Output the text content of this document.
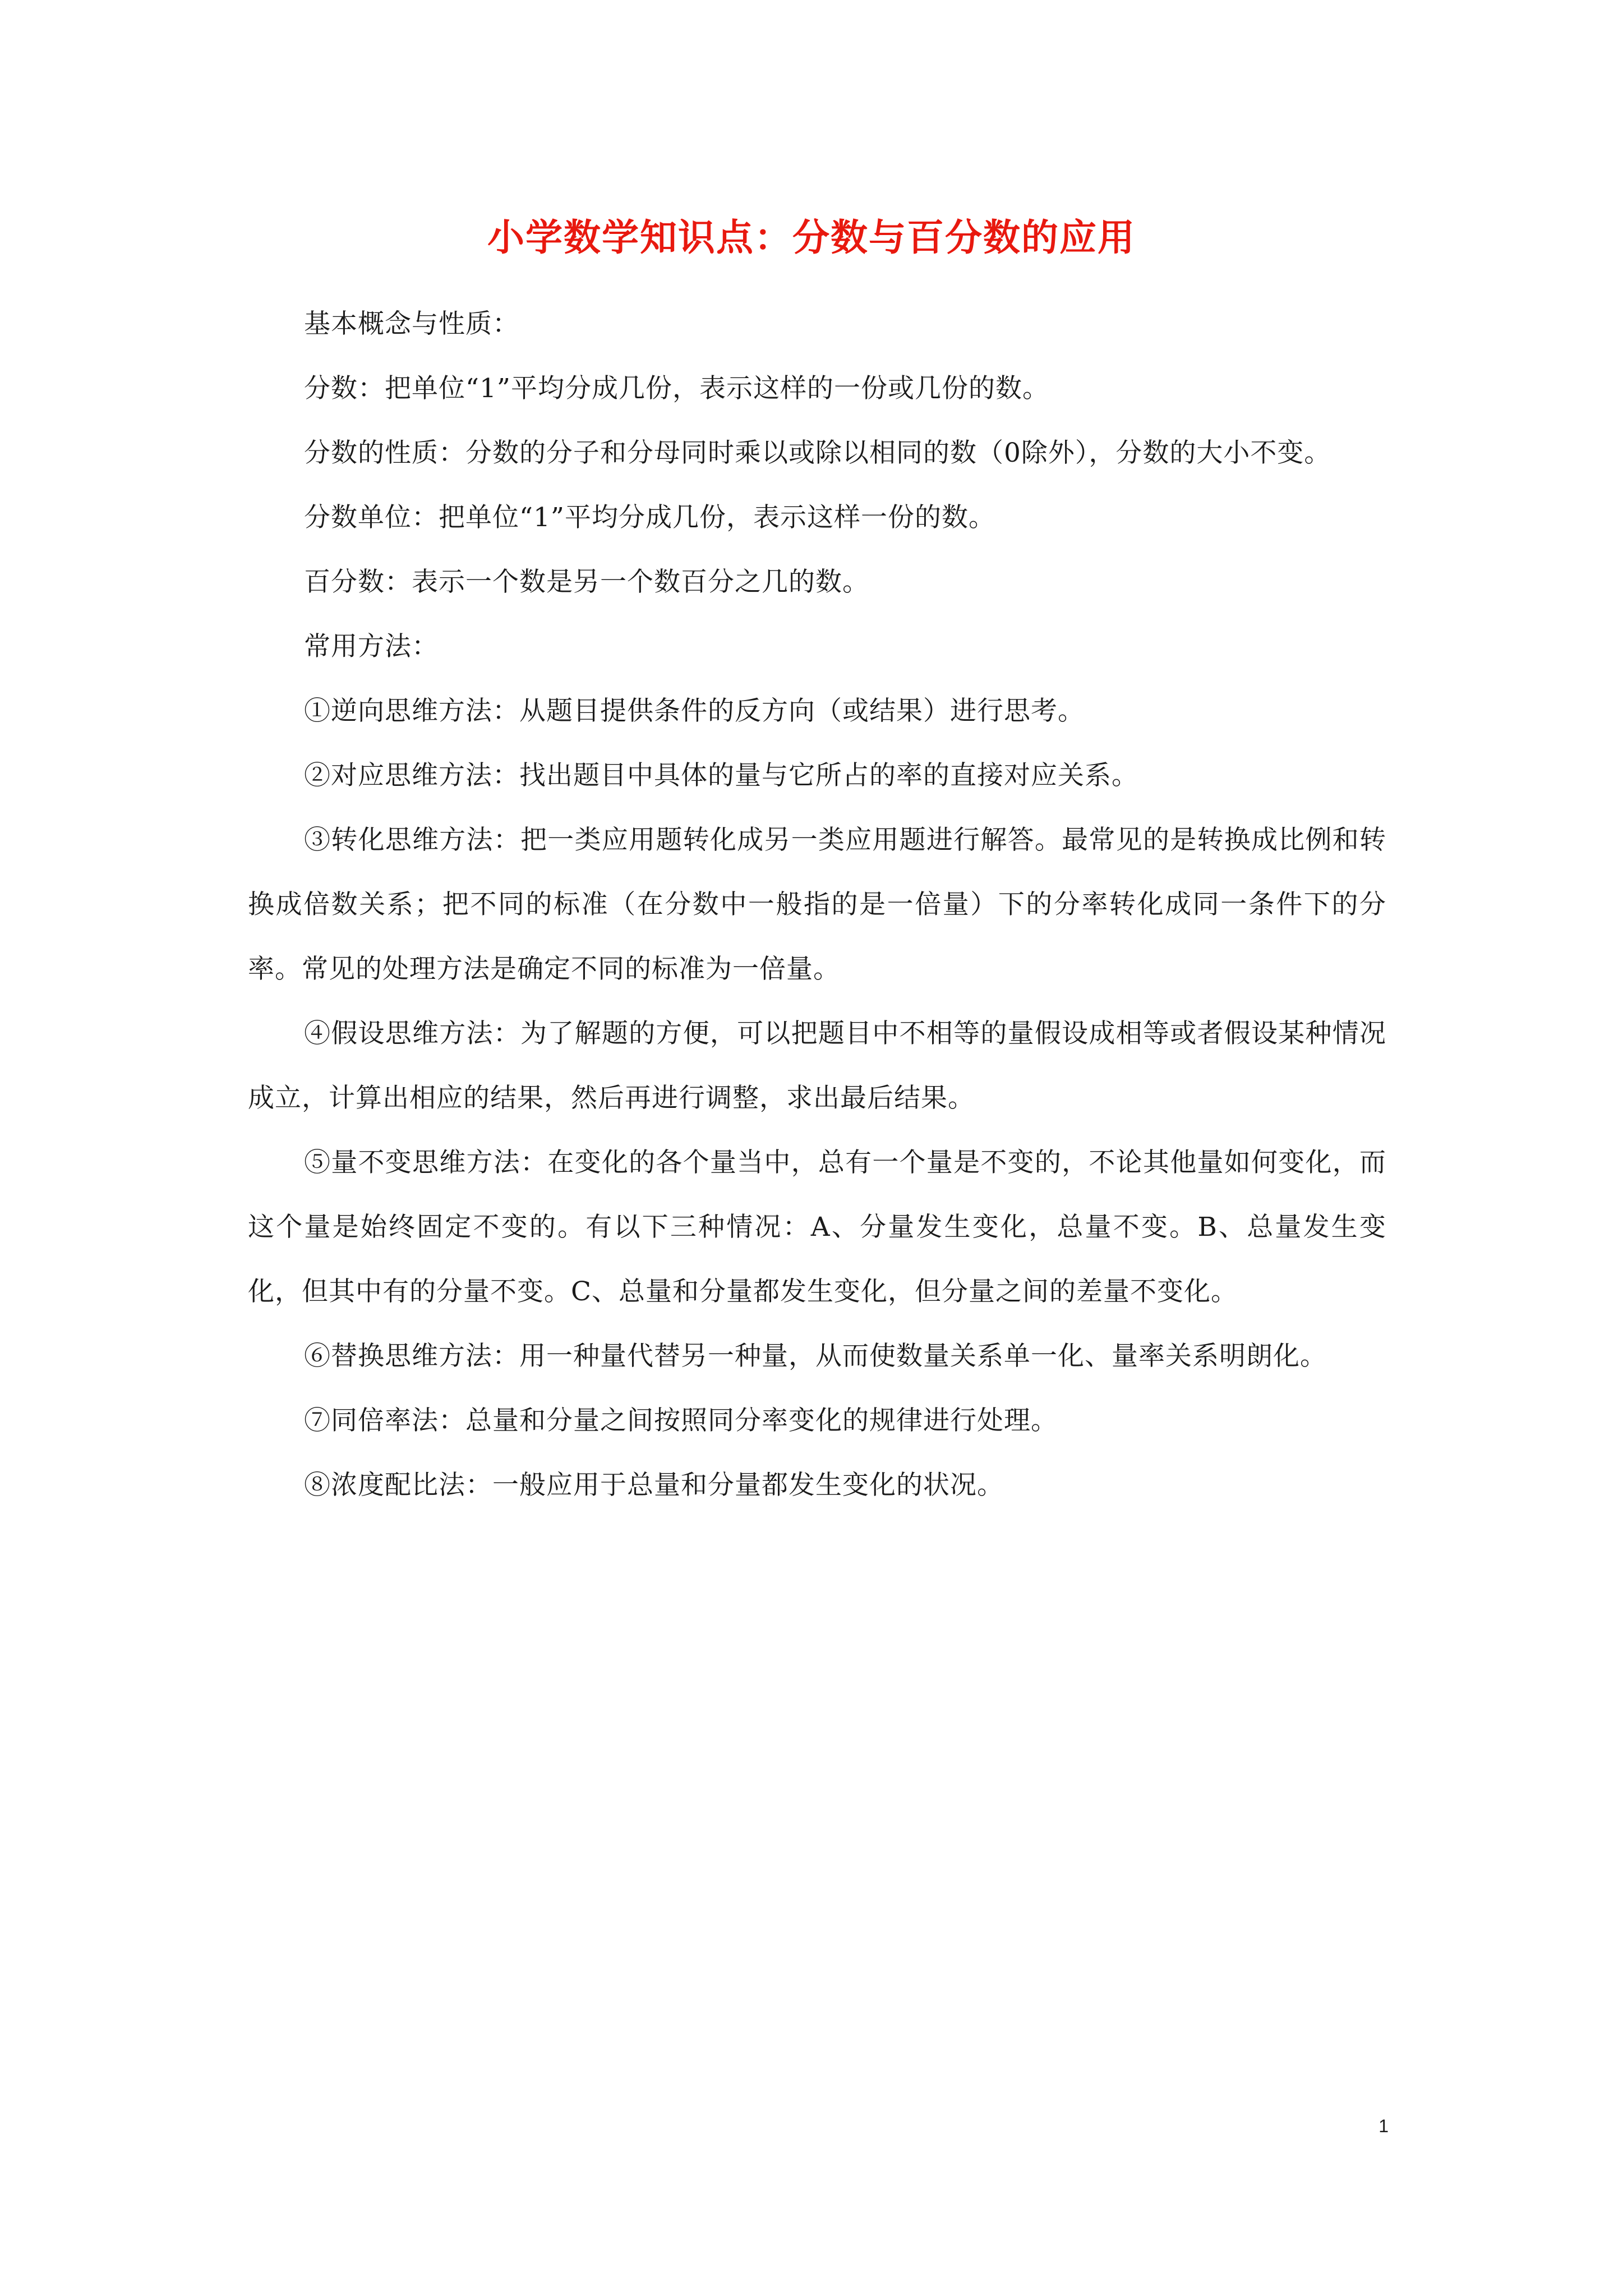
小学数学知识点：分数与百分数的应用

基本概念与性质：

分数：把单位“1”平均分成几份，表示这样的一份或几份的数。

分数的性质：分数的分子和分母同时乘以或除以相同的数（0除外），分数的大小不变。

分数单位：把单位“1”平均分成几份，表示这样一份的数。

百分数：表示一个数是另一个数百分之几的数。

常用方法：

①逆向思维方法：从题目提供条件的反方向（或结果）进行思考。

②对应思维方法：找出题目中具体的量与它所占的率的直接对应关系。

③转化思维方法：把一类应用题转化成另一类应用题进行解答。最常见的是转换成比例和转换成倍数关系；把不同的标准（在分数中一般指的是一倍量）下的分率转化成同一条件下的分率。常见的处理方法是确定不同的标准为一倍量。

④假设思维方法：为了解题的方便，可以把题目中不相等的量假设成相等或者假设某种情况成立，计算出相应的结果，然后再进行调整，求出最后结果。

⑤量不变思维方法：在变化的各个量当中，总有一个量是不变的，不论其他量如何变化，而这个量是始终固定不变的。有以下三种情况：A、分量发生变化，总量不变。B、总量发生变化，但其中有的分量不变。C、总量和分量都发生变化，但分量之间的差量不变化。

⑥替换思维方法：用一种量代替另一种量，从而使数量关系单一化、量率关系明朗化。

⑦同倍率法：总量和分量之间按照同分率变化的规律进行处理。

⑧浓度配比法：一般应用于总量和分量都发生变化的状况。

1
